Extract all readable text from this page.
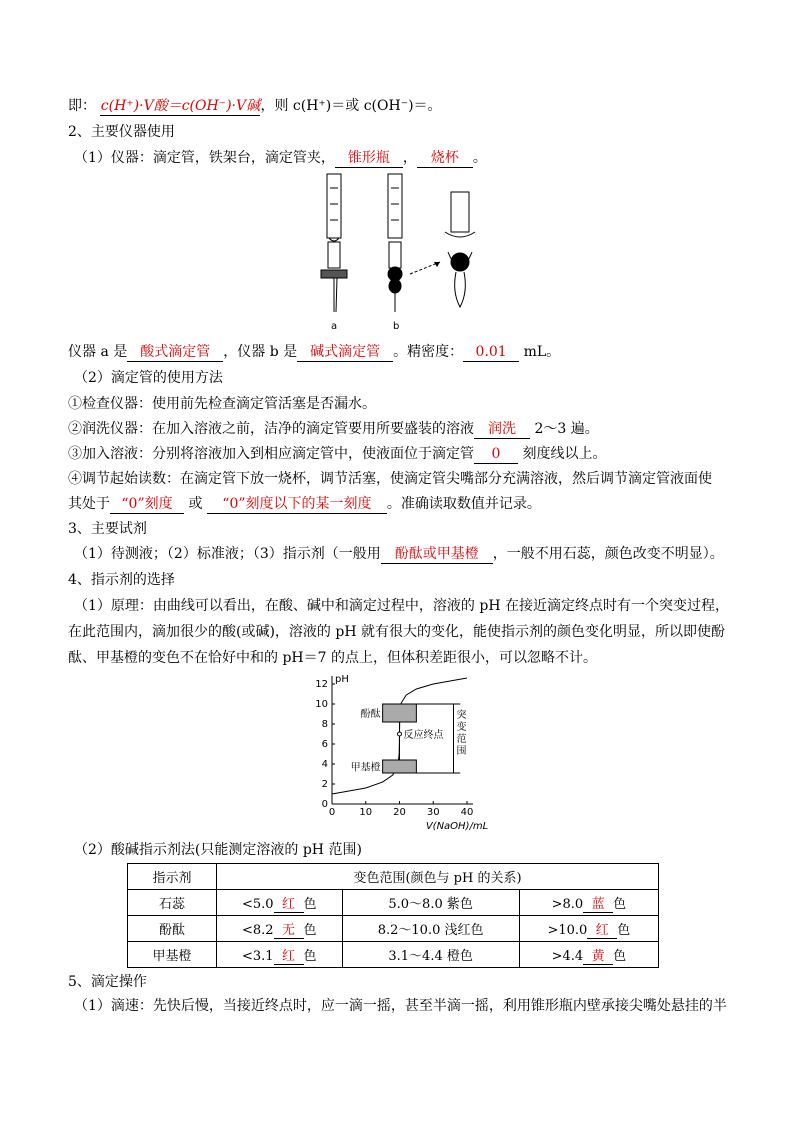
即： c(H⁺)·V酸＝c(OH⁻)·V碱，则 c(H⁺)＝或 c(OH⁻)＝。
2、主要仪器使用
（1）仪器：滴定管，铁架台，滴定管夹， 锥形瓶 ， 烧杯 。
a	b
仪器 a 是 酸式滴定管 ，仪器 b 是 碱式滴定管 。精密度： 0.01 mL。
（2）滴定管的使用方法
①检查仪器：使用前先检查滴定管活塞是否漏水。
②润洗仪器：在加入溶液之前，洁净的滴定管要用所要盛装的溶液 润洗 2～3 遍。
③加入溶液：分别将溶液加入到相应滴定管中，使液面位于滴定管 0 刻度线以上。
④调节起始读数：在滴定管下放一烧杯，调节活塞，使滴定管尖嘴部分充满溶液，然后调节滴定管液面使
其处于 “0”刻度 或 “0”刻度以下的某一刻度 。准确读取数值并记录。
3、主要试剂
（1）待测液；（2）标准液；（3）指示剂（一般用 酚酞或甲基橙 ，一般不用石蕊，颜色改变不明显）。
4、指示剂的选择
（1）原理：由曲线可以看出，在酸、碱中和滴定过程中，溶液的 pH 在接近滴定终点时有一个突变过程，
在此范围内，滴加很少的酸(或碱)，溶液的 pH 就有很大的变化，能使指示剂的颜色变化明显，所以即使酚
酞、甲基橙的变色不在恰好中和的 pH＝7 的点上，但体积差距很小，可以忽略不计。
pH
0
2
4
6
8
10
12
0 10 20 30 40
V(NaOH)/mL
酚酞
甲基橙
反应终点
突
变
范
围
（2）酸碱指示剂法(只能测定溶液的 pH 范围)
指示剂	变色范围(颜色与 pH 的关系)		
石蕊	<5.0 红 色	5.0～8.0 紫色	>8.0 蓝 色
酚酞	<8.2 无 色	8.2～10.0 浅红色	>10.0 红 色
甲基橙	<3.1 红 色	3.1～4.4 橙色	>4.4 黄 色
5、滴定操作
（1）滴速：先快后慢，当接近终点时，应一滴一摇，甚至半滴一摇，利用锥形瓶内壁承接尖嘴处悬挂的半
